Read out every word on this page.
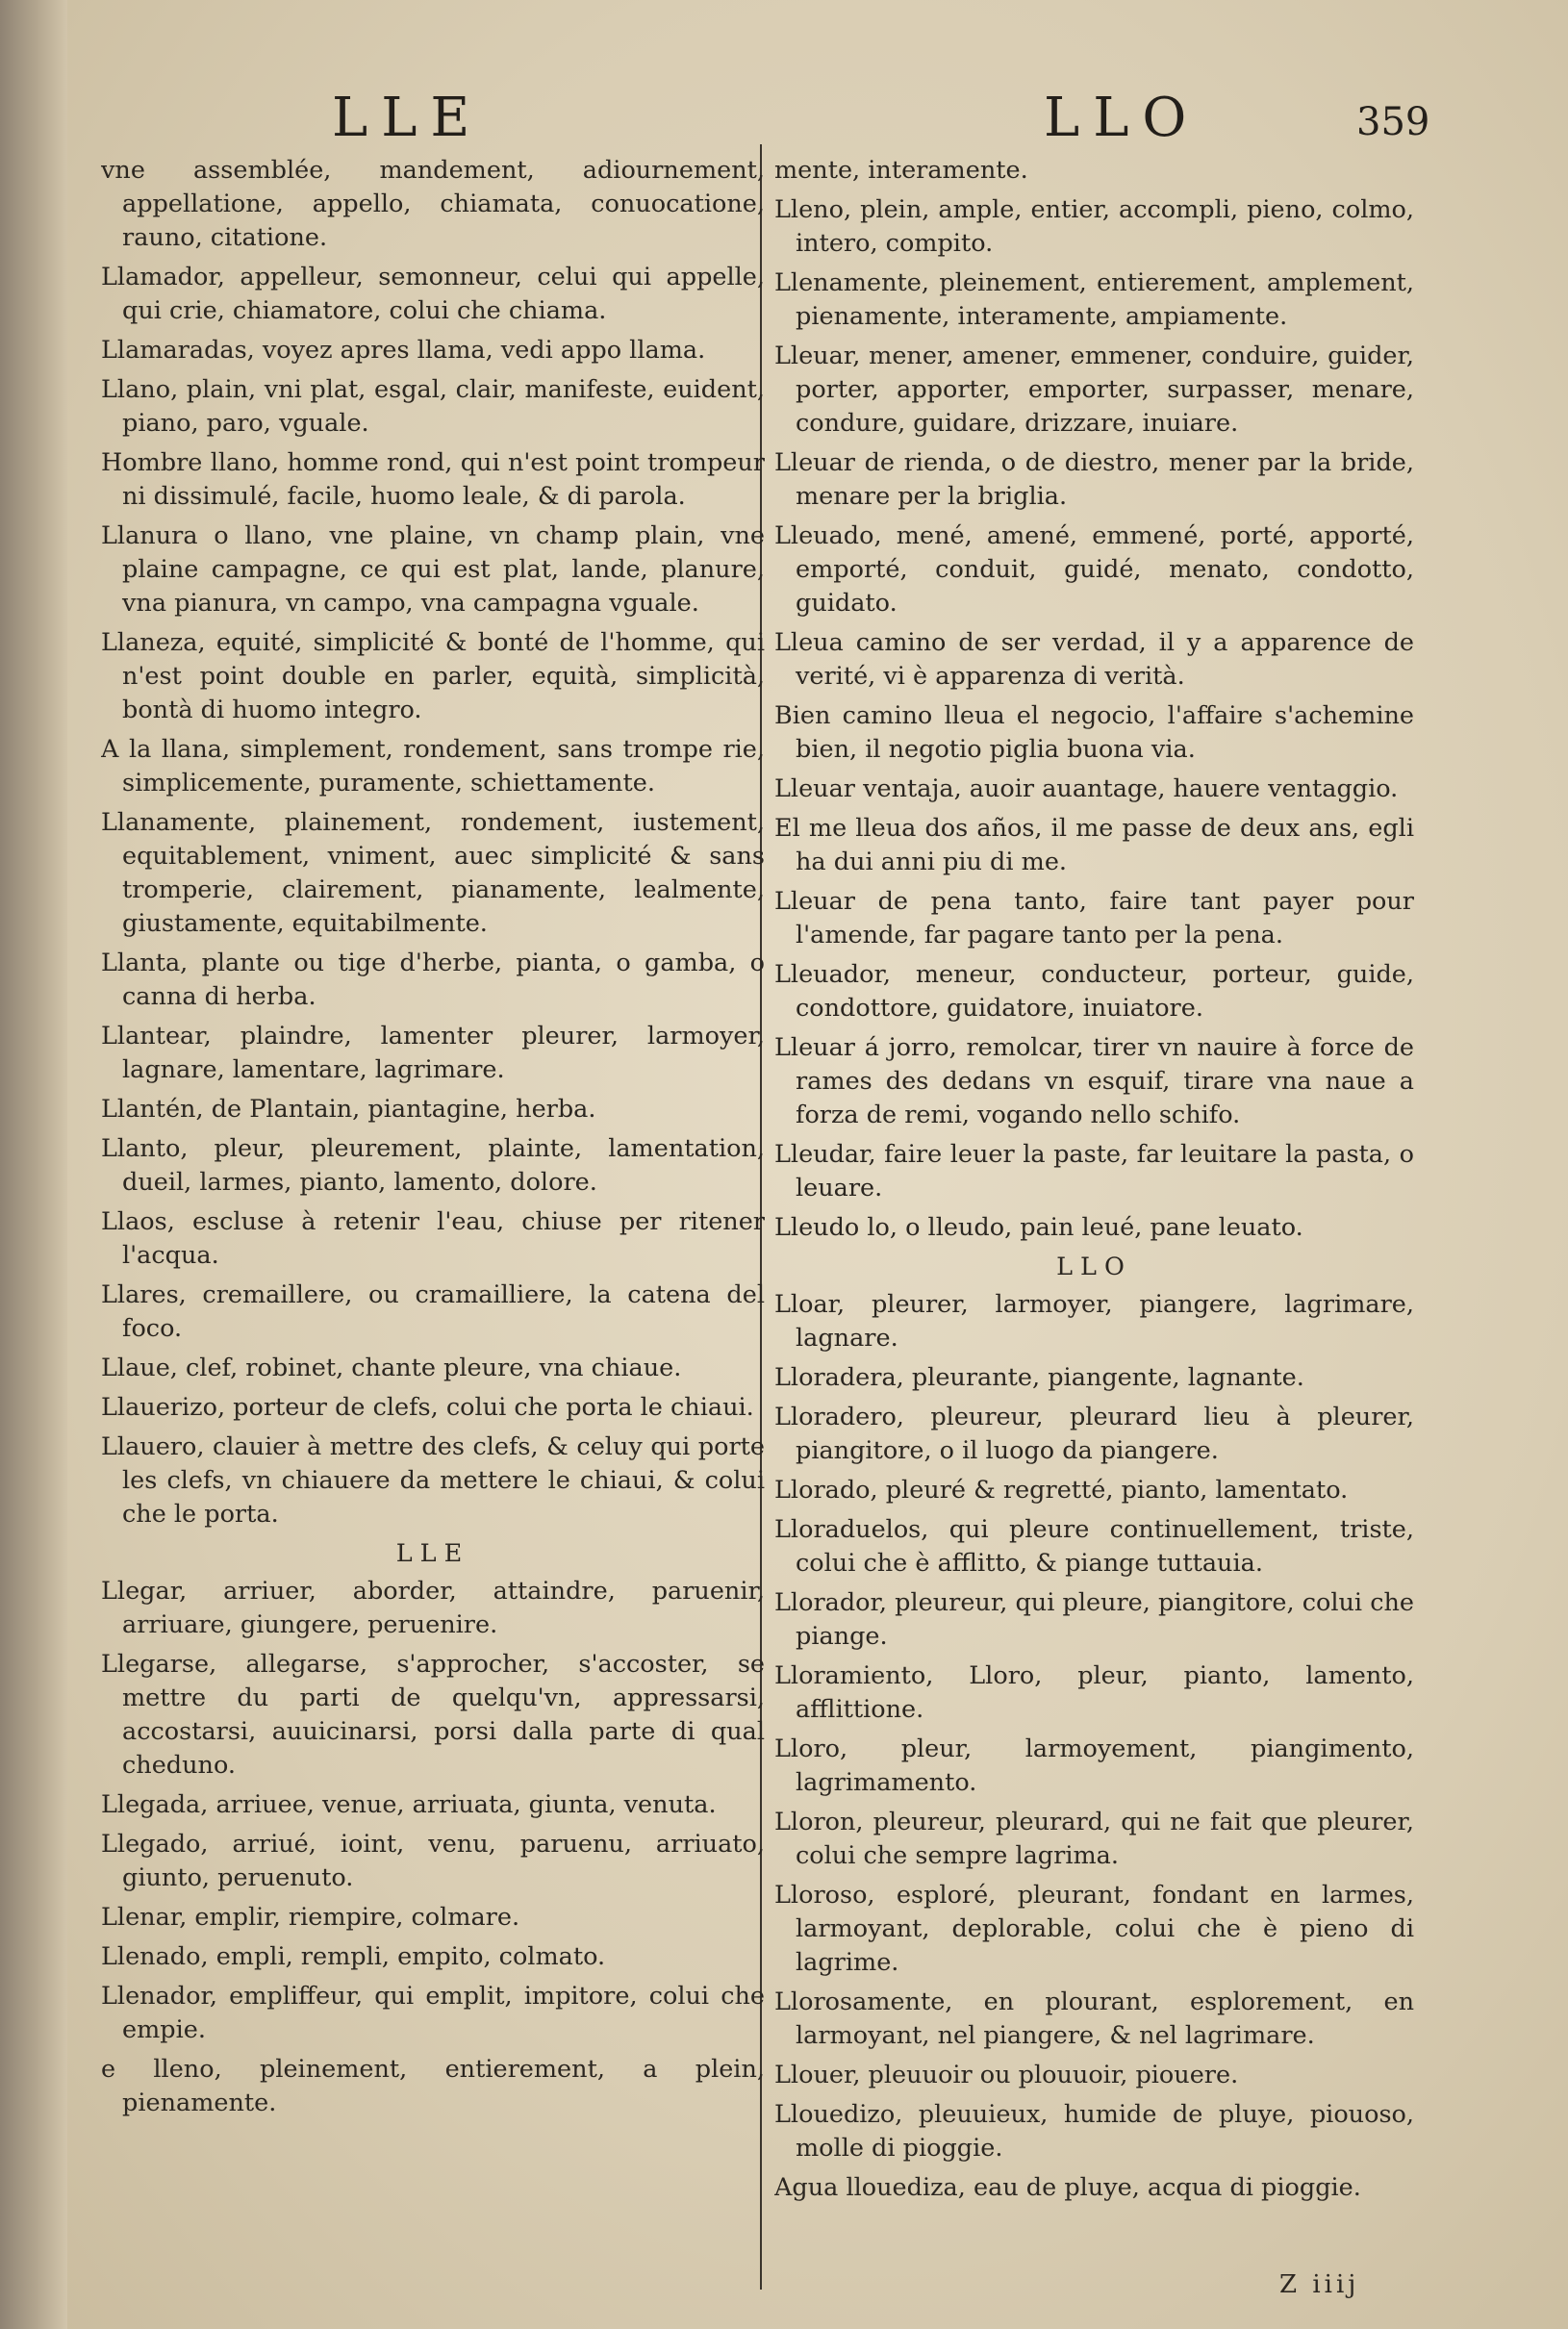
LLE	LLO	359

vne assemblée, mandement, adiournement, appellatione, appello, chiamata, conuocatione, rauno, citatione.

Llamador, appelleur, semonneur, celui qui appelle, qui crie, chiamatore, colui che chiama.

Llamaradas, voyez apres llama, vedi appo llama.

Llano, plain, vni plat, esgal, clair, manifeste, euident, piano, paro, vguale.

Hombre llano, homme rond, qui n'est point trompeur ni dissimulé, facile, huomo leale, & di parola.

Llanura o llano, vne plaine, vn champ plain, vne plaine campagne, ce qui est plat, lande, planure, vna pianura, vn campo, vna campagna vguale.

Llaneza, equité, simplicité & bonté de l'homme, qui n'est point double en parler, equità, simplicità, bontà di huomo integro.

A la llana, simplement, rondement, sans trompe rie, simplicemente, puramente, schiettamente.

Llanamente, plainement, rondement, iustement, equitablement, vniment, auec simplicité & sans tromperie, clairement, pianamente, lealmente, giustamente, equitabilmente.

Llanta, plante ou tige d'herbe, pianta, o gamba, o canna di herba.

Llantear, plaindre, lamenter pleurer, larmoyer, lagnare, lamentare, lagrimare.

Llantén, de Plantain, piantagine, herba.

Llanto, pleur, pleurement, plainte, lamentation, dueil, larmes, pianto, lamento, dolore.

Llaos, escluse à retenir l'eau, chiuse per ritener l'acqua.

Llares, cremaillere, ou cramailliere, la catena del foco.

Llaue, clef, robinet, chante pleure, vna chiaue.

Llauerizo, porteur de clefs, colui che porta le chiaui.

Llauero, clauier à mettre des clefs, & celuy qui porte les clefs, vn chiauere da mettere le chiaui, & colui che le porta.

LLE

Llegar, arriuer, aborder, attaindre, paruenir, arriuare, giungere, peruenire.

Llegarse, allegarse, s'approcher, s'accoster, se mettre du parti de quelqu'vn, appressarsi, accostarsi, auuicinarsi, porsi dalla parte di qual cheduno.

Llegada, arriuee, venue, arriuata, giunta, venuta.

Llegado, arriué, ioint, venu, paruenu, arriuato, giunto, peruenuto.

Llenar, emplir, riempire, colmare.

Llenado, empli, rempli, empito, colmato.

Llenador, empliffeur, qui emplit, impitore, colui che empie.

e lleno, pleinement, entierement, a plein, pienamente.

mente, interamente.

Lleno, plein, ample, entier, accompli, pieno, colmo, intero, compito.

Llenamente, pleinement, entierement, amplement, pienamente, interamente, ampiamente.

Lleuar, mener, amener, emmener, conduire, guider, porter, apporter, emporter, surpasser, menare, condure, guidare, drizzare, inuiare.

Lleuar de rienda, o de diestro, mener par la bride, menare per la briglia.

Lleuado, mené, amené, emmené, porté, apporté, emporté, conduit, guidé, menato, condotto, guidato.

Lleua camino de ser verdad, il y a apparence de verité, vi è apparenza di verità.

Bien camino lleua el negocio, l'affaire s'achemine bien, il negotio piglia buona via.

Lleuar ventaja, auoir auantage, hauere ventaggio.

El me lleua dos años, il me passe de deux ans, egli ha dui anni piu di me.

Lleuar de pena tanto, faire tant payer pour l'amende, far pagare tanto per la pena.

Lleuador, meneur, conducteur, porteur, guide, condottore, guidatore, inuiatore.

Lleuar á jorro, remolcar, tirer vn nauire à force de rames des dedans vn esquif, tirare vna naue a forza de remi, vogando nello schifo.

Lleudar, faire leuer la paste, far leuitare la pasta, o leuare.

Lleudo lo, o lleudo, pain leué, pane leuato.

LLO

Lloar, pleurer, larmoyer, piangere, lagrimare, lagnare.

Lloradera, pleurante, piangente, lagnante.

Lloradero, pleureur, pleurard lieu à pleurer, piangitore, o il luogo da piangere.

Llorado, pleuré & regretté, pianto, lamentato.

Lloraduelos, qui pleure continuellement, triste, colui che è afflitto, & piange tuttauia.

Llorador, pleureur, qui pleure, piangitore, colui che piange.

Lloramiento, Lloro, pleur, pianto, lamento, afflittione.

Lloro, pleur, larmoyement, piangimento, lagrimamento.

Lloron, pleureur, pleurard, qui ne fait que pleurer, colui che sempre lagrima.

Lloroso, esploré, pleurant, fondant en larmes, larmoyant, deplorable, colui che è pieno di lagrime.

Llorosamente, en plourant, esplorement, en larmoyant, nel piangere, & nel lagrimare.

Llouer, pleuuoir ou plouuoir, piouere.

Llouedizo, pleuuieux, humide de pluye, piouoso, molle di pioggie.

Agua llouediza, eau de pluye, acqua di pioggie.

Z iiij
